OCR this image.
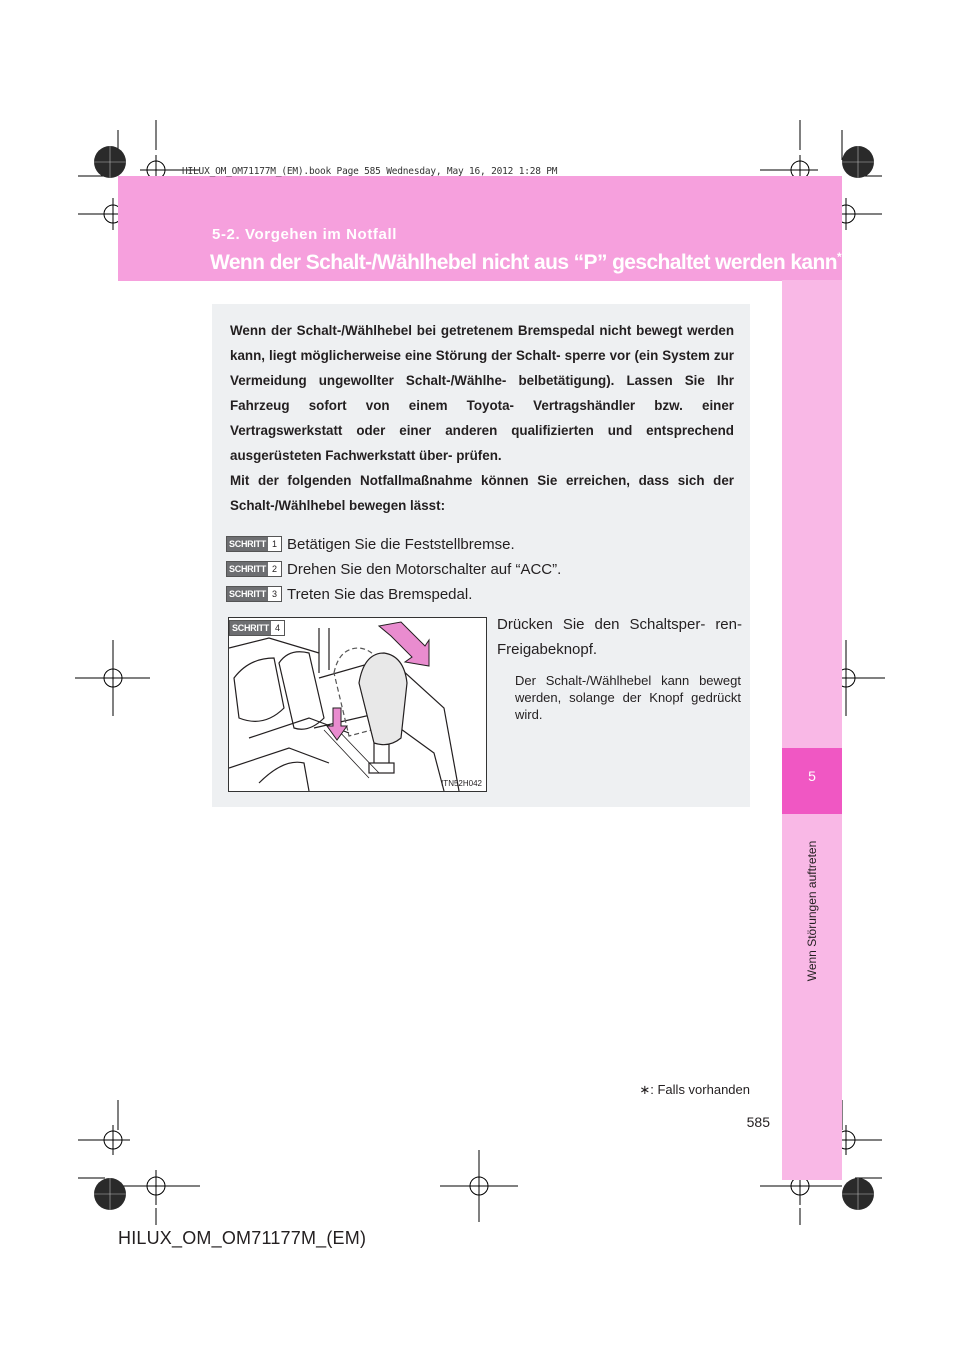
HILUX_OM_OM71177M_(EM).book Page 585 Wednesday, May 16, 2012 1:28 PM
5-2. Vorgehen im Notfall
Wenn der Schalt-/Wählhebel nicht aus “P” geschaltet werden kann*
5
Wenn Störungen auftreten

Wenn der Schalt-/Wählhebel bei getretenem Bremspedal nicht bewegt werden kann, liegt möglicherweise eine Störung der Schalt- sperre vor (ein System zur Vermeidung ungewollter Schalt-/Wählhe- belbetätigung). Lassen Sie Ihr Fahrzeug sofort von einem Toyota- Vertragshändler bzw. einer Vertragswerkstatt oder einer anderen qualifizierten und entsprechend ausgerüsteten Fachwerkstatt über- prüfen.

Mit der folgenden Notfallmaßnahme können Sie erreichen, dass sich der Schalt-/Wählhebel bewegen lässt:

SCHRITT 1 Betätigen Sie die Feststellbremse.
SCHRITT 2 Drehen Sie den Motorschalter auf “ACC”.
SCHRITT 3 Treten Sie das Bremspedal.
SCHRITT 4
ITN52H042
Drücken Sie den Schaltsper- ren-Freigabeknopf.
Der Schalt-/Wählhebel kann bewegt werden, solange der Knopf gedrückt wird.
∗: Falls vorhanden
585
HILUX_OM_OM71177M_(EM)
